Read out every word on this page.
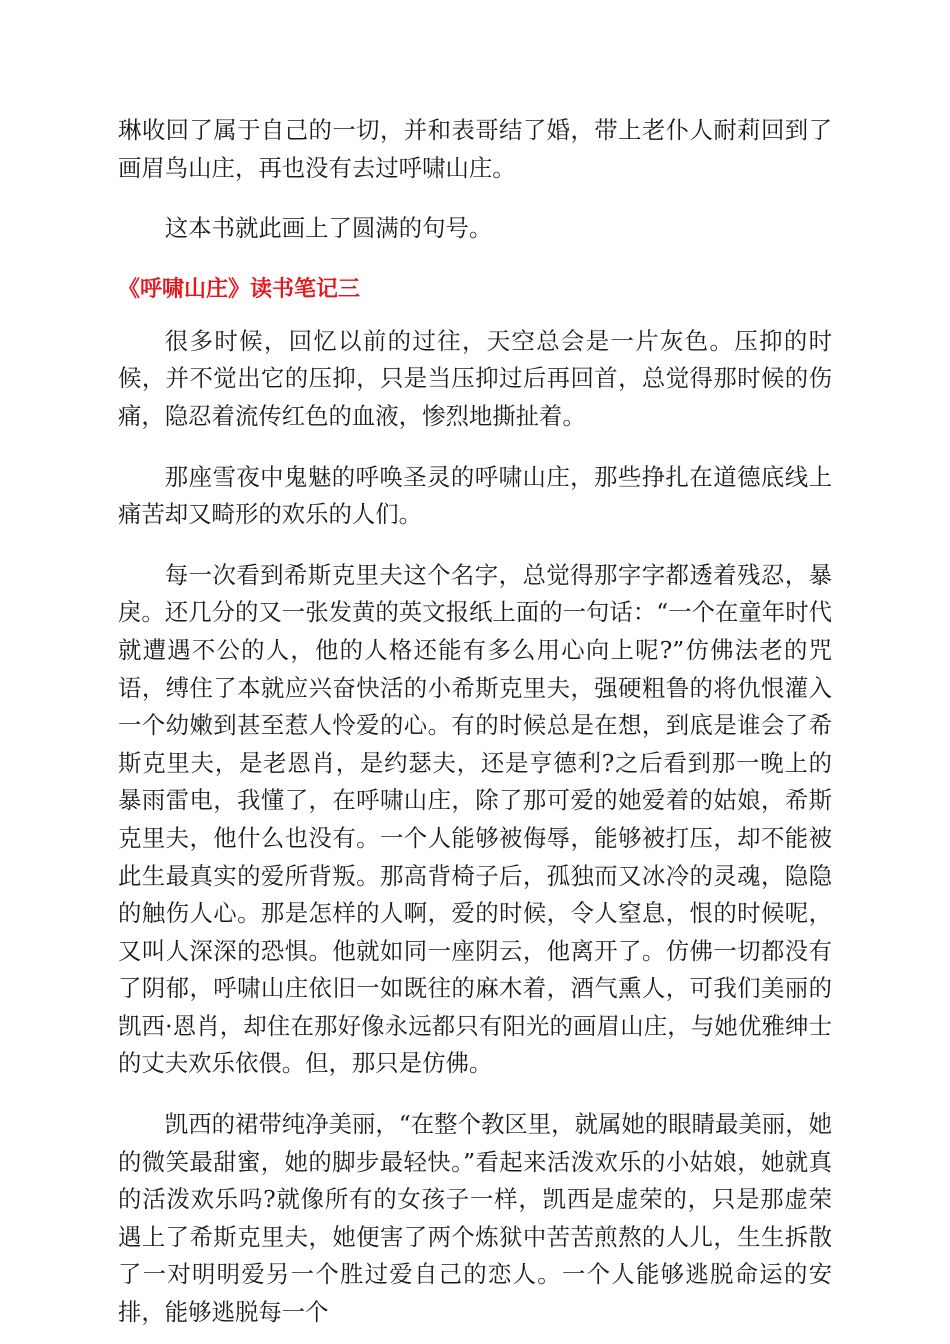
琳收回了属于自己的一切，并和表哥结了婚，带上老仆人耐莉回到了画眉鸟山庄，再也没有去过呼啸山庄。

这本书就此画上了圆满的句号。

《呼啸山庄》读书笔记三

很多时候，回忆以前的过往，天空总会是一片灰色。压抑的时候，并不觉出它的压抑，只是当压抑过后再回首，总觉得那时候的伤痛，隐忍着流传红色的血液，惨烈地撕扯着。

那座雪夜中鬼魅的呼唤圣灵的呼啸山庄，那些挣扎在道德底线上痛苦却又畸形的欢乐的人们。

每一次看到希斯克里夫这个名字，总觉得那字字都透着残忍，暴戾。还几分的又一张发黄的英文报纸上面的一句话：“一个在童年时代就遭遇不公的人，他的人格还能有多么用心向上呢?”仿佛法老的咒语，缚住了本就应兴奋快活的小希斯克里夫，强硬粗鲁的将仇恨灌入一个幼嫩到甚至惹人怜爱的心。有的时候总是在想，到底是谁会了希斯克里夫，是老恩肖，是约瑟夫，还是亨德利?之后看到那一晚上的暴雨雷电，我懂了，在呼啸山庄，除了那可爱的她爱着的姑娘，希斯克里夫，他什么也没有。一个人能够被侮辱，能够被打压，却不能被此生最真实的爱所背叛。那高背椅子后，孤独而又冰冷的灵魂，隐隐的触伤人心。那是怎样的人啊，爱的时候，令人窒息，恨的时候呢，又叫人深深的恐惧。他就如同一座阴云，他离开了。仿佛一切都没有了阴郁，呼啸山庄依旧一如既往的麻木着，酒气熏人，可我们美丽的凯西·恩肖，却住在那好像永远都只有阳光的画眉山庄，与她优雅绅士的丈夫欢乐依偎。但，那只是仿佛。

凯西的裙带纯净美丽，“在整个教区里，就属她的眼睛最美丽，她的微笑最甜蜜，她的脚步最轻快。”看起来活泼欢乐的小姑娘，她就真的活泼欢乐吗?就像所有的女孩子一样，凯西是虚荣的，只是那虚荣遇上了希斯克里夫，她便害了两个炼狱中苦苦煎熬的人儿，生生拆散了一对明明爱另一个胜过爱自己的恋人。一个人能够逃脱命运的安排，能够逃脱每一个
